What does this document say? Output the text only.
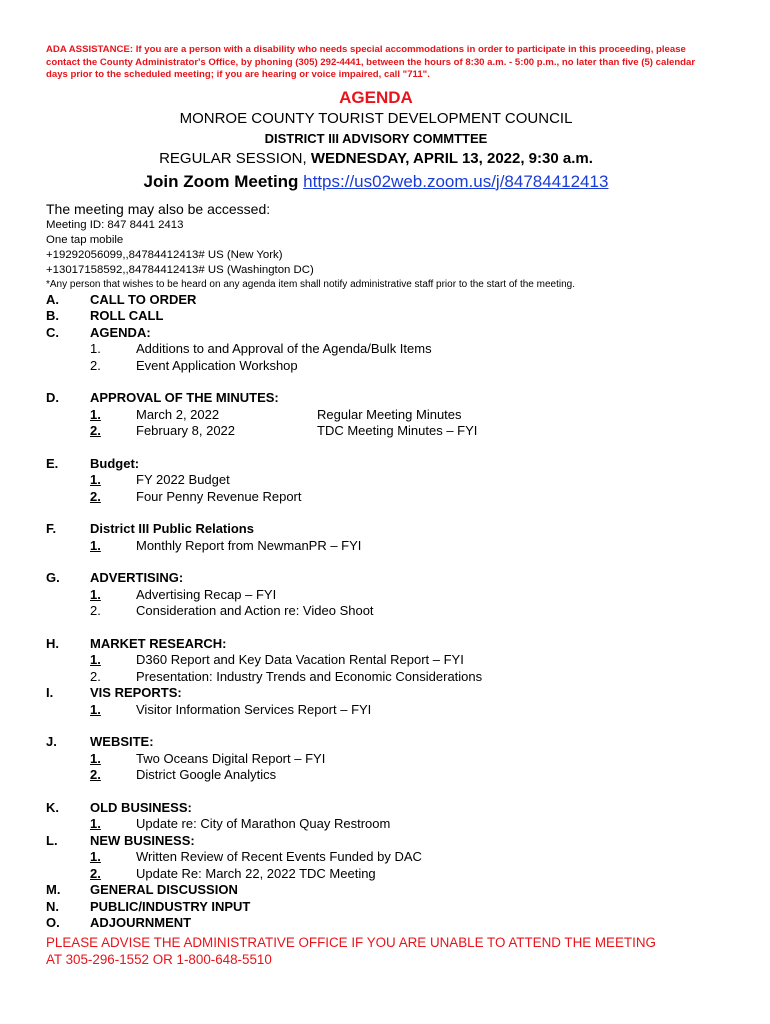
ADA ASSISTANCE: If you are a person with a disability who needs special accommodations in order to participate in this proceeding, please contact the County Administrator's Office, by phoning (305) 292-4441, between the hours of 8:30 a.m. - 5:00 p.m., no later than five (5) calendar days prior to the scheduled meeting; if you are hearing or voice impaired, call "711".
AGENDA
MONROE COUNTY TOURIST DEVELOPMENT COUNCIL
DISTRICT III ADVISORY COMMTTEE
REGULAR SESSION, WEDNESDAY, APRIL 13, 2022, 9:30 a.m.
Join Zoom Meeting https://us02web.zoom.us/j/84784412413
The meeting may also be accessed:
Meeting ID: 847 8441 2413
One tap mobile
+19292056099,,84784412413# US (New York)
+13017158592,,84784412413# US (Washington DC)
*Any person that wishes to be heard on any agenda item shall notify administrative staff prior to the start of the meeting.
A. CALL TO ORDER
B. ROLL CALL
C. AGENDA:
1.	Additions to and Approval of the Agenda/Bulk Items
2.	Event Application Workshop
D. APPROVAL OF THE MINUTES:
1.	March 2, 2022	Regular Meeting Minutes
2.	February 8, 2022	TDC Meeting Minutes – FYI
E. Budget:
1.	FY 2022 Budget
2.	Four Penny Revenue Report
F.	District III Public Relations
1.	Monthly Report from NewmanPR – FYI
G. ADVERTISING:
1.	Advertising Recap – FYI
2.	Consideration and Action re: Video Shoot
H. MARKET RESEARCH:
1.	D360 Report and Key Data Vacation Rental Report – FYI
2.	Presentation: Industry Trends and Economic Considerations
I.	VIS REPORTS:
1.	Visitor Information Services Report – FYI
J.	WEBSITE:
1.	Two Oceans Digital Report – FYI
2.	District Google Analytics
K. OLD BUSINESS:
1.	Update re: City of Marathon Quay Restroom
L. NEW BUSINESS:
1.	Written Review of Recent Events Funded by DAC
2.	Update Re: March 22, 2022 TDC Meeting
M. GENERAL DISCUSSION
N. PUBLIC/INDUSTRY INPUT
O. ADJOURNMENT
PLEASE ADVISE THE ADMINISTRATIVE OFFICE IF YOU ARE UNABLE TO ATTEND THE MEETING
AT 305-296-1552 OR 1-800-648-5510
